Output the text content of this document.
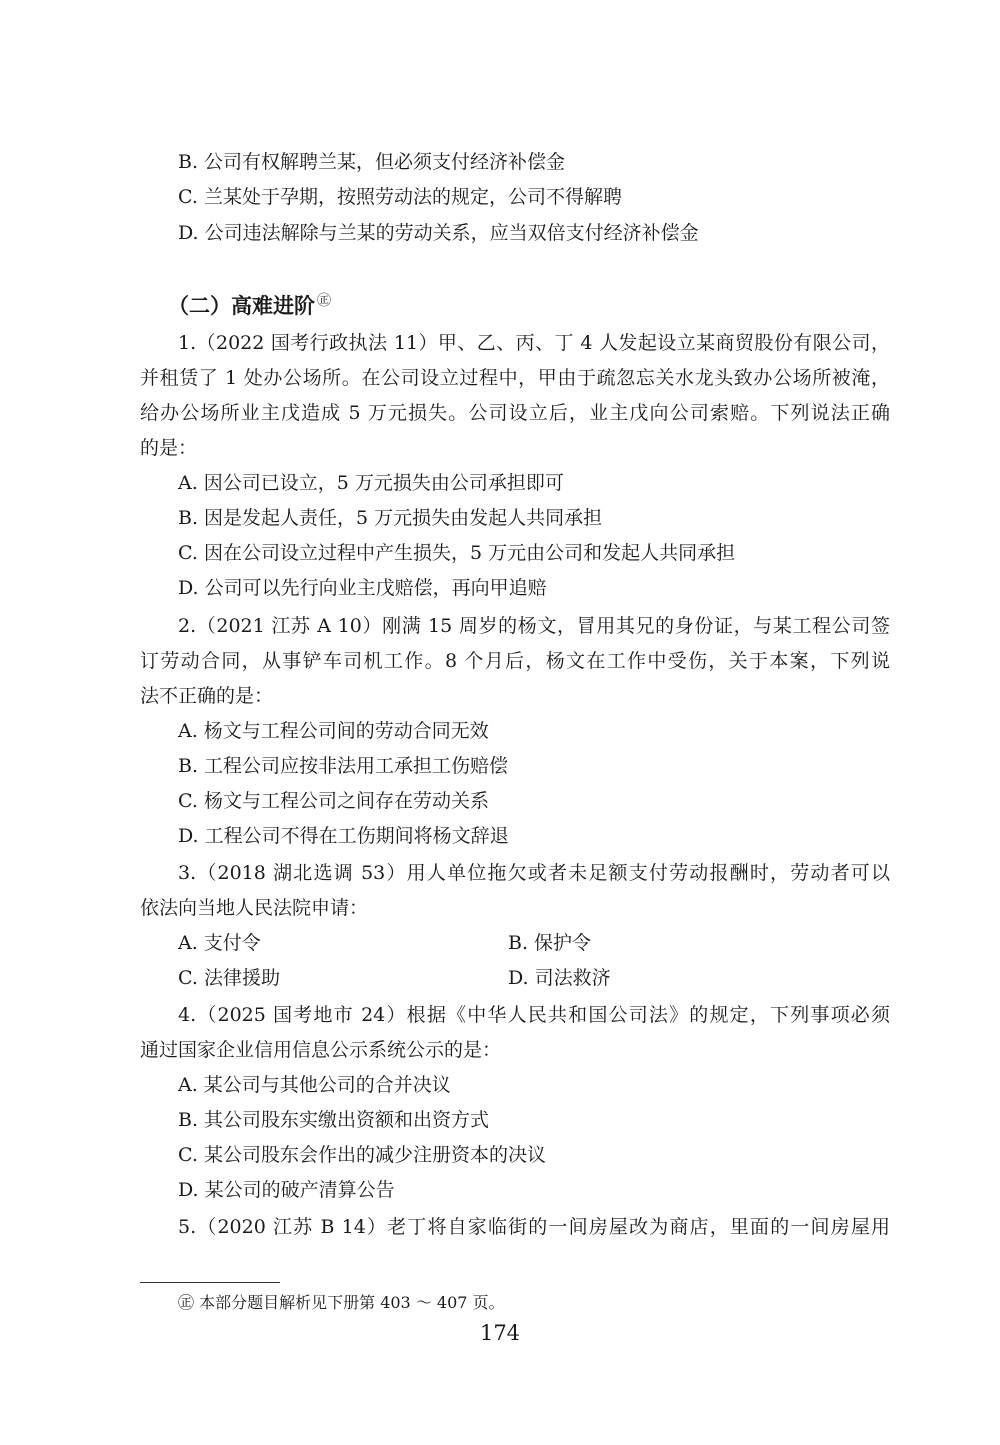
B. 公司有权解聘兰某，但必须支付经济补偿金
C. 兰某处于孕期，按照劳动法的规定，公司不得解聘
D. 公司违法解除与兰某的劳动关系，应当双倍支付经济补偿金
（二）高难进阶 ㊣
1.（2022 国考行政执法 11）甲、乙、丙、丁 4 人发起设立某商贸股份有限公司，
并租赁了 1 处办公场所。在公司设立过程中，甲由于疏忽忘关水龙头致办公场所被淹，
给办公场所业主戊造成 5 万元损失。公司设立后，业主戊向公司索赔。下列说法正确
的是：
A. 因公司已设立，5 万元损失由公司承担即可
B. 因是发起人责任，5 万元损失由发起人共同承担
C. 因在公司设立过程中产生损失，5 万元由公司和发起人共同承担
D. 公司可以先行向业主戊赔偿，再向甲追赔
2.（2021 江苏 A 10）刚满 15 周岁的杨文，冒用其兄的身份证，与某工程公司签
订劳动合同，从事铲车司机工作。8 个月后，杨文在工作中受伤，关于本案，下列说
法不正确的是：
A. 杨文与工程公司间的劳动合同无效
B. 工程公司应按非法用工承担工伤赔偿
C. 杨文与工程公司之间存在劳动关系
D. 工程公司不得在工伤期间将杨文辞退
3.（2018 湖北选调 53）用人单位拖欠或者未足额支付劳动报酬时，劳动者可以
依法向当地人民法院申请：
A. 支付令	B. 保护令
C. 法律援助	D. 司法救济
4.（2025 国考地市 24）根据《中华人民共和国公司法》的规定，下列事项必须
通过国家企业信用信息公示系统公示的是：
A. 某公司与其他公司的合并决议
B. 其公司股东实缴出资额和出资方式
C. 某公司股东会作出的减少注册资本的决议
D. 某公司的破产清算公告
5.（2020 江苏 B 14）老丁将自家临街的一间房屋改为商店，里面的一间房屋用
㊣ 本部分题目解析见下册第 403 ～ 407 页。
174
